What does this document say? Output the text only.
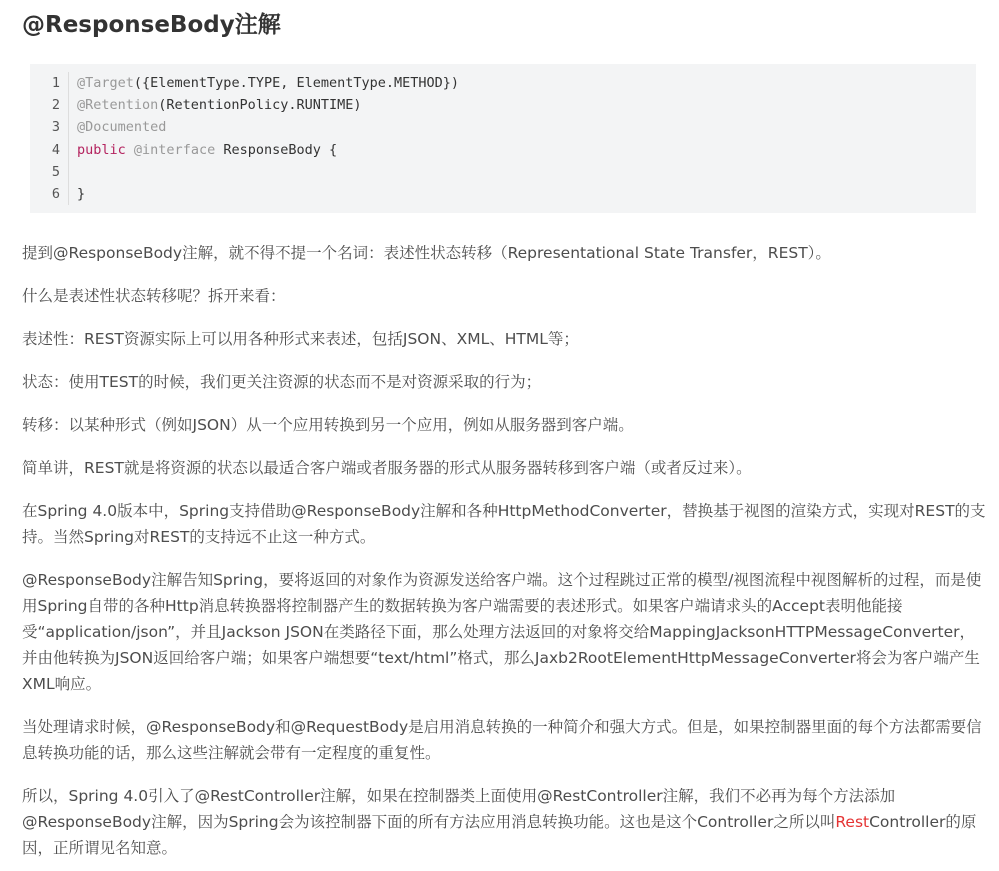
@ResponseBody注解
1	@Target({ElementType.TYPE, ElementType.METHOD})
2	@Retention(RetentionPolicy.RUNTIME)
3	@Documented
4	public @interface ResponseBody {
5
6	}

提到@ResponseBody注解，就不得不提一个名词：表述性状态转移（Representational State Transfer，REST）。

什么是表述性状态转移呢？拆开来看：

表述性：REST资源实际上可以用各种形式来表述，包括JSON、XML、HTML等；

状态：使用TEST的时候，我们更关注资源的状态而不是对资源采取的行为；

转移：以某种形式（例如JSON）从一个应用转换到另一个应用，例如从服务器到客户端。

简单讲，REST就是将资源的状态以最适合客户端或者服务器的形式从服务器转移到客户端（或者反过来）。

在Spring 4.0版本中，Spring支持借助@ResponseBody注解和各种HttpMethodConverter，替换基于视图的渲染方式，实现对REST的支持。当然Spring对REST的支持远不止这一种方式。

@ResponseBody注解告知Spring，要将返回的对象作为资源发送给客户端。这个过程跳过正常的模型/视图流程中视图解析的过程，而是使用Spring自带的各种Http消息转换器将控制器产生的数据转换为客户端需要的表述形式。如果客户端请求头的Accept表明他能接受“application/json”，并且Jackson JSON在类路径下面，那么处理方法返回的对象将交给MappingJacksonHTTPMessageConverter，并由他转换为JSON返回给客户端；如果客户端想要“text/html”格式，那么Jaxb2RootElementHttpMessageConverter将会为客户端产生XML响应。

当处理请求时候，@ResponseBody和@RequestBody是启用消息转换的一种简介和强大方式。但是，如果控制器里面的每个方法都需要信息转换功能的话，那么这些注解就会带有一定程度的重复性。

所以，Spring 4.0引入了@RestController注解，如果在控制器类上面使用@RestController注解，我们不必再为每个方法添加@ResponseBody注解，因为Spring会为该控制器下面的所有方法应用消息转换功能。这也是这个Controller之所以叫RestController的原因，正所谓见名知意。
